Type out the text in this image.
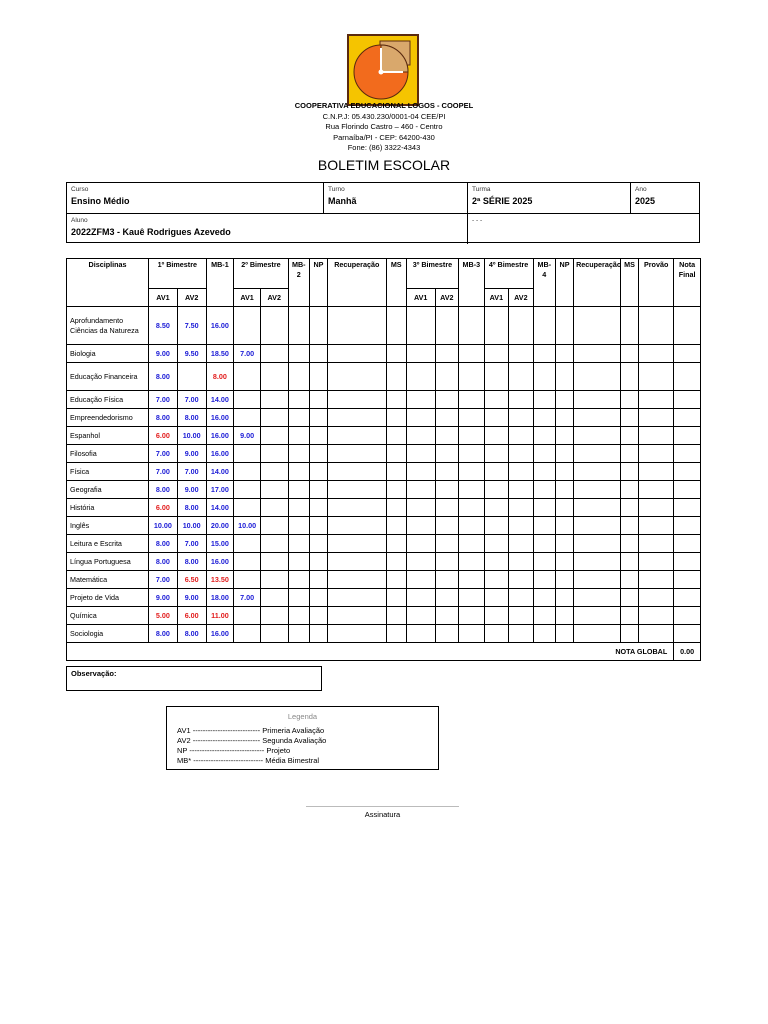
COOPERATIVA EDUCACIONAL LOGOS - COOPEL
C.N.P.J: 05.430.230/0001-04 CEE/PI
Rua Florindo Castro – 460 - Centro
Parnaíba/PI - CEP: 64200-430
Fone: (86) 3322-4343
BOLETIM ESCOLAR
Curso
Ensino Médio
Turno
Manhã
Turma
2ª SÉRIE 2025
Ano
2025
Aluno
2022ZFM3 - Kauê Rodrigues Azevedo
- - -
Disciplinas	1º Bimestre		MB-1	2º Bimestre		MB-2	NP	Recuperação	MS	3º Bimestre		MB-3	4º Bimestre		MB-4	NP	Recuperação	MS	Provão	Nota Final
	AV1	AV2		AV1	AV2					AV1	AV2		AV1	AV2						
Aprofundamento Ciências da Natureza	8.50	7.50	16.00																	
Biologia	9.00	9.50	18.50	7.00																
Educação Financeira	8.00		8.00																	
Educação Física	7.00	7.00	14.00																	
Empreendedorismo	8.00	8.00	16.00																	
Espanhol	6.00	10.00	16.00	9.00																
Filosofia	7.00	9.00	16.00																	
Física	7.00	7.00	14.00																	
Geografia	8.00	9.00	17.00																	
História	6.00	8.00	14.00																	
Inglês	10.00	10.00	20.00	10.00																
Leitura e Escrita	8.00	7.00	15.00																	
Língua Portuguesa	8.00	8.00	16.00																	
Matemática	7.00	6.50	13.50																	
Projeto de Vida	9.00	9.00	18.00	7.00																
Química	5.00	6.00	11.00																	
Sociologia	8.00	8.00	16.00																	
NOTA GLOBAL																				0.00
Observação:
Legenda
AV1 --------------------------- Primeria Avaliação
AV2 --------------------------- Segunda Avaliação
NP ------------------------------ Projeto
MB* ---------------------------- Média Bimestral
Assinatura
